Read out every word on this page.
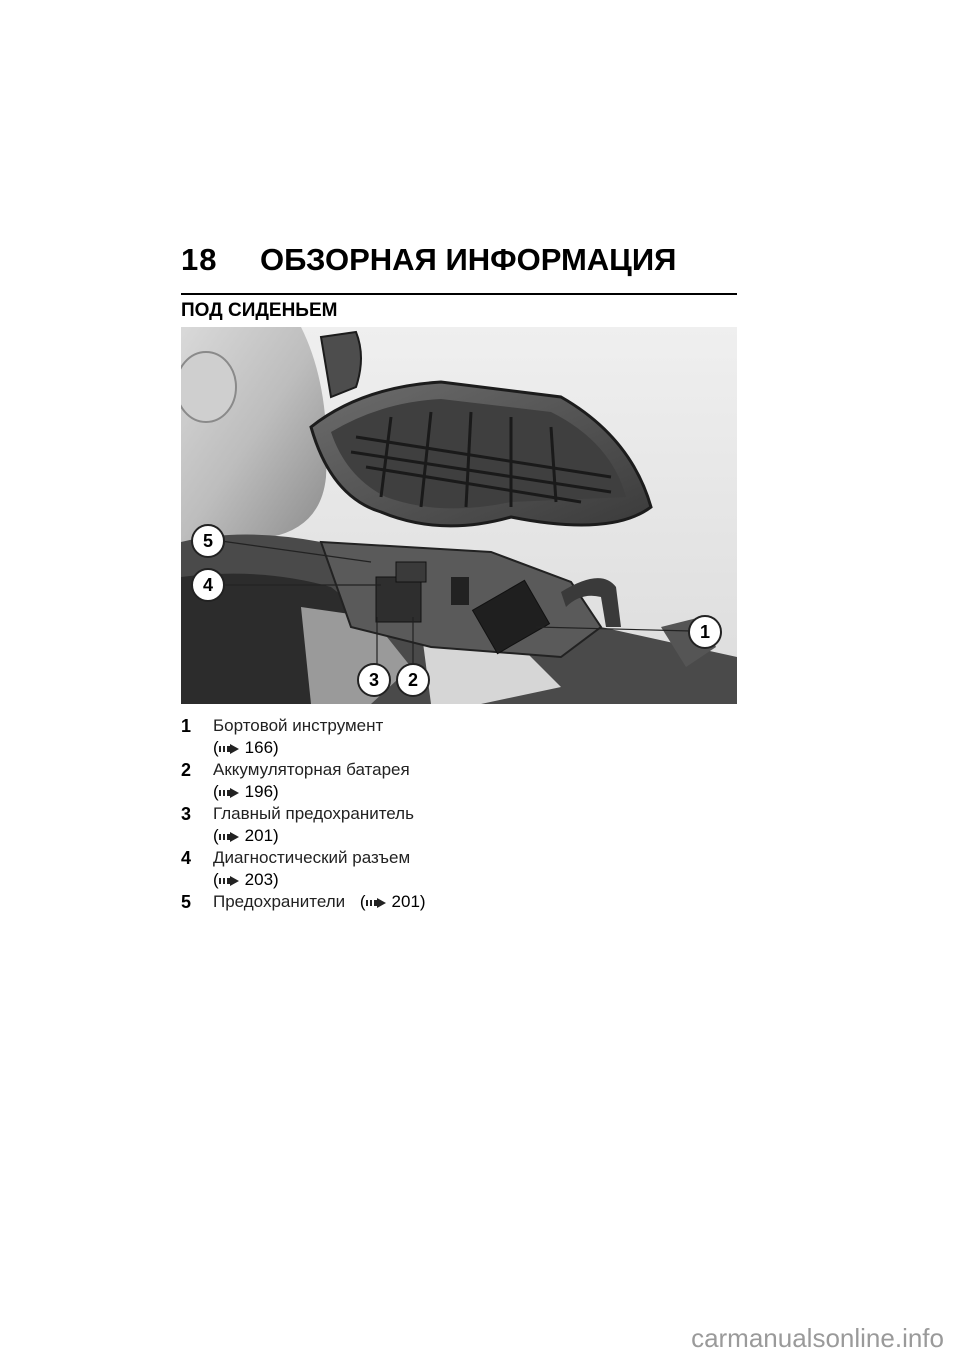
18 ОБЗОРНАЯ ИНФОРМАЦИЯ
ПОД СИДЕНЬЕМ
5
4
3 2
1
1 Бортовой инструмент
( 166)
2 Аккумуляторная батарея
( 196)
3 Главный предохранитель
( 201)
4 Диагностический разъем
( 203)
5 Предохранители ( 201)
carmanualsonline.info
